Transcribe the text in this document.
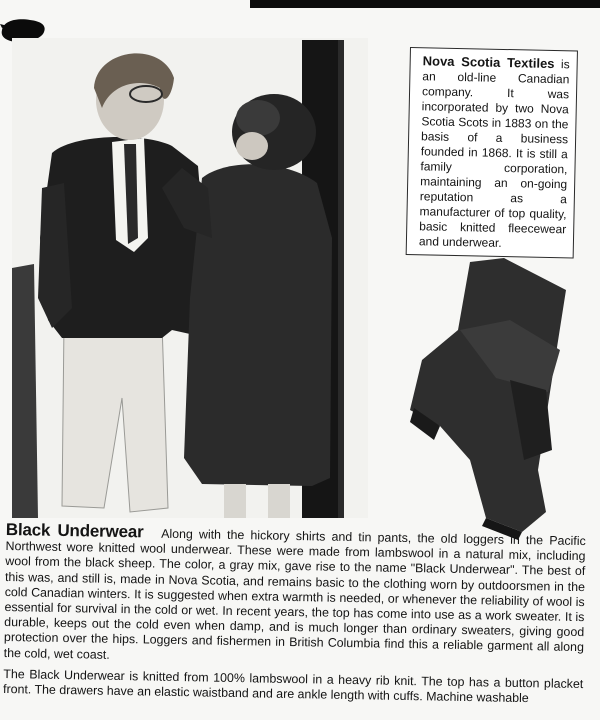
Nova Scotia Textiles is an old-line Canadian company. It was incorporated by two Nova Scotia Scots in 1883 on the basis of a business founded in 1868. It is still a family corporation, maintaining an on-going reputation as a manufacturer of top quality, basic knitted fleecewear and underwear.

Black Underwear Along with the hickory shirts and tin pants, the old loggers in the Pacific Northwest wore knitted wool underwear. These were made from lambswool in a natural mix, including wool from the black sheep. The color, a gray mix, gave rise to the name "Black Underwear". The best of this was, and still is, made in Nova Scotia, and remains basic to the clothing worn by outdoorsmen in the cold Canadian winters. It is suggested when extra warmth is needed, or whenever the reliability of wool is essential for survival in the cold or wet. In recent years, the top has come into use as a work sweater. It is durable, keeps out the cold even when damp, and is much longer than ordinary sweaters, giving good protection over the hips. Loggers and fishermen in British Columbia find this a reliable garment all along the cold, wet coast.

The Black Underwear is knitted from 100% lambswool in a heavy rib knit. The top has a button placket front. The drawers have an elastic waistband and are ankle length with cuffs. Machine washable
